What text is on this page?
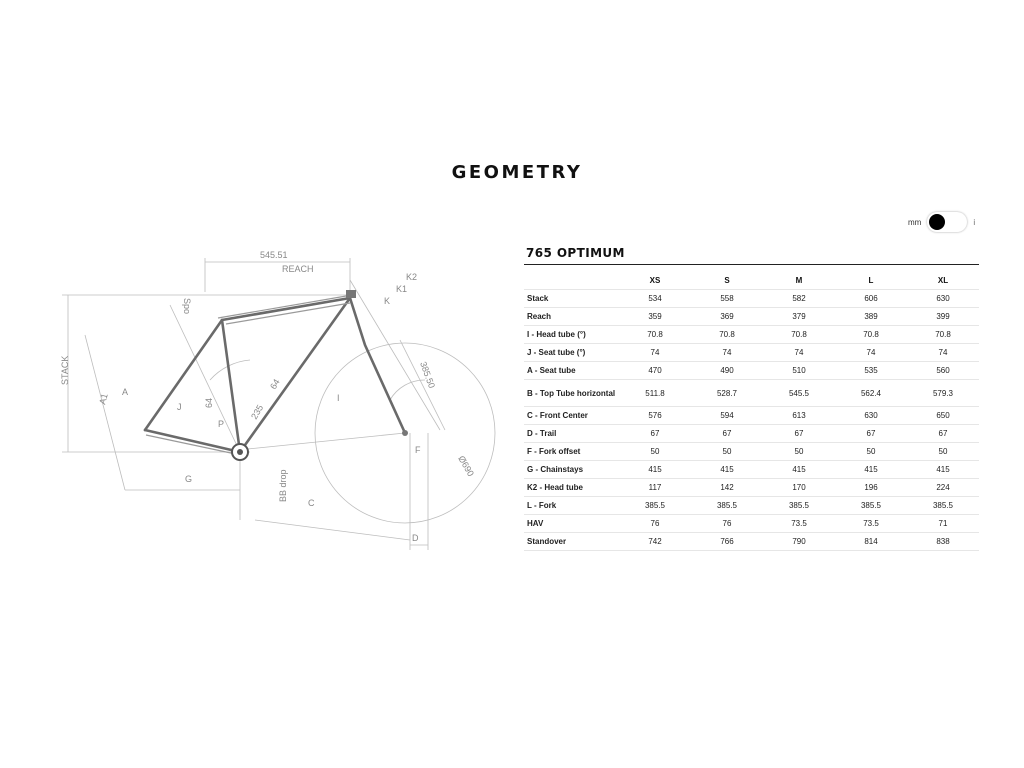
GEOMETRY
mm	i
545.51
REACH
STACK
A1
A
J	64
64
235
P
Spo
G	BB drop
C
D
F
I
385.50
Ø690
K
K1
K2
765 OPTIMUM
	XS	S	M	L	XL
Stack	534	558	582	606	630
Reach	359	369	379	389	399
I - Head tube (°)	70.8	70.8	70.8	70.8	70.8
J - Seat tube (°)	74	74	74	74	74
A - Seat tube	470	490	510	535	560
B - Top Tube horizontal	511.8	528.7	545.5	562.4	579.3
C - Front Center	576	594	613	630	650
D - Trail	67	67	67	67	67
F - Fork offset	50	50	50	50	50
G - Chainstays	415	415	415	415	415
K2 - Head tube	117	142	170	196	224
L - Fork	385.5	385.5	385.5	385.5	385.5
HAV	76	76	73.5	73.5	71
Standover	742	766	790	814	838
